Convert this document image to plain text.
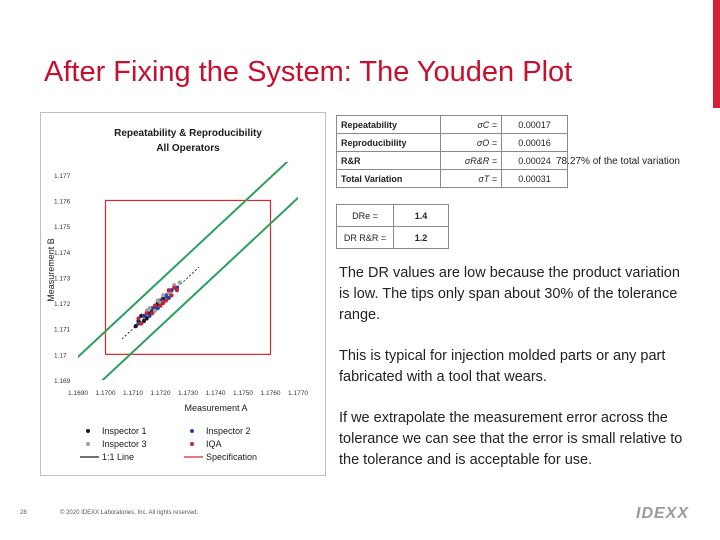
After Fixing the System: The Youden Plot
Repeatability & Reproducibility
All Operators
Measurement A
Measurement B
1.169
1.17
1.171
1.172
1.173
1.174
1.175
1.176
1.177
1.1690 1.1700 1.1710 1.1720 1.1730 1.1740 1.1750 1.1760 1.1770
Inspector 1	Inspector 2
Inspector 3	IQA
1:1 Line	Specification
Repeatability	σC =	0.00017
Reproducibility	σO =	0.00016
R&R	σR&R =	0.00024
Total Variation	σT =	0.00031
78.27% of the total variation
DRe =	1.4
DR R&R =	1.2
The DR values are low because the product variation is low. The tips only span about 30% of the tolerance range.
This is typical for injection molded parts or any part fabricated with a tool that wears.
If we extrapolate the measurement error across the tolerance we can see that the error is small relative to the tolerance and is acceptable for use.
28	© 2020 IDEXX Laboratories, Inc. All rights reserved.	IDEXX
